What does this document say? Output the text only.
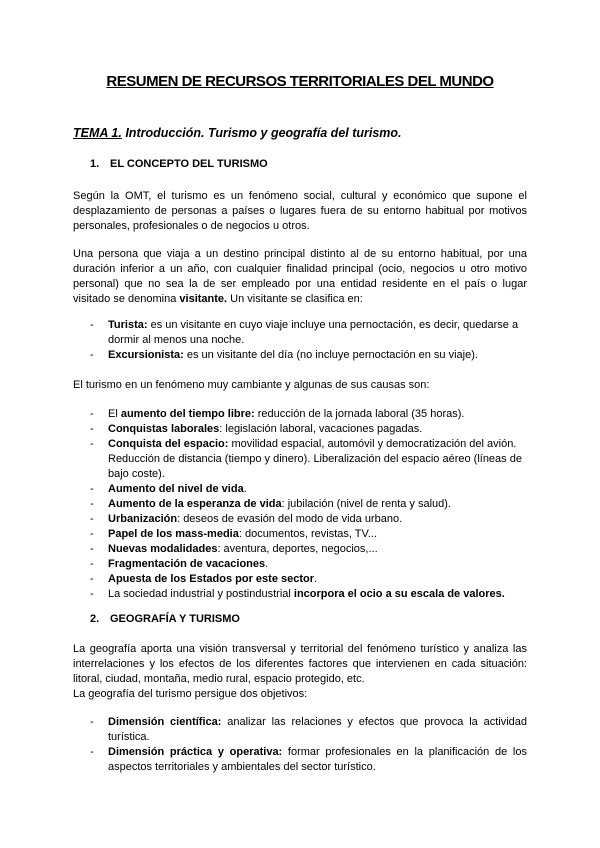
RESUMEN DE RECURSOS TERRITORIALES DEL MUNDO
TEMA 1. Introducción. Turismo y geografía del turismo.
1. EL CONCEPTO DEL TURISMO
Según la OMT, el turismo es un fenómeno social, cultural y económico que supone el
desplazamiento de personas a países o lugares fuera de su entorno habitual por motivos
personales, profesionales o de negocios u otros.
Una persona que viaja a un destino principal distinto al de su entorno habitual, por una
duración inferior a un año, con cualquier finalidad principal (ocio, negocios u otro motivo
personal) que no sea la de ser empleado por una entidad residente en el país o lugar
visitado se denomina visitante. Un visitante se clasifica en:
- Turista: es un visitante en cuyo viaje incluye una pernoctación, es decir, quedarse a dormir al menos una noche.
- Excursionista: es un visitante del día (no incluye pernoctación en su viaje).
El turismo en un fenómeno muy cambiante y algunas de sus causas son:
- El aumento del tiempo libre: reducción de la jornada laboral (35 horas).
- Conquistas laborales: legislación laboral, vacaciones pagadas.
- Conquista del espacio: movilidad espacial, automóvil y democratización del avión. Reducción de distancia (tiempo y dinero). Liberalización del espacio aéreo (líneas de bajo coste).
- Aumento del nivel de vida.
- Aumento de la esperanza de vida: jubilación (nivel de renta y salud).
- Urbanización: deseos de evasión del modo de vida urbano.
- Papel de los mass-media: documentos, revistas, TV...
- Nuevas modalidades: aventura, deportes, negocios,...
- Fragmentación de vacaciones.
- Apuesta de los Estados por este sector.
- La sociedad industrial y postindustrial incorpora el ocio a su escala de valores.
2. GEOGRAFÍA Y TURISMO
La geografía aporta una visión transversal y territorial del fenómeno turístico y analiza las
interrelaciones y los efectos de los diferentes factores que intervienen en cada situación:
litoral, ciudad, montaña, medio rural, espacio protegido, etc.
La geografía del turismo persigue dos objetivos:
- Dimensión científica: analizar las relaciones y efectos que provoca la actividad turística.
- Dimensión práctica y operativa: formar profesionales en la planificación de los aspectos territoriales y ambientales del sector turístico.
